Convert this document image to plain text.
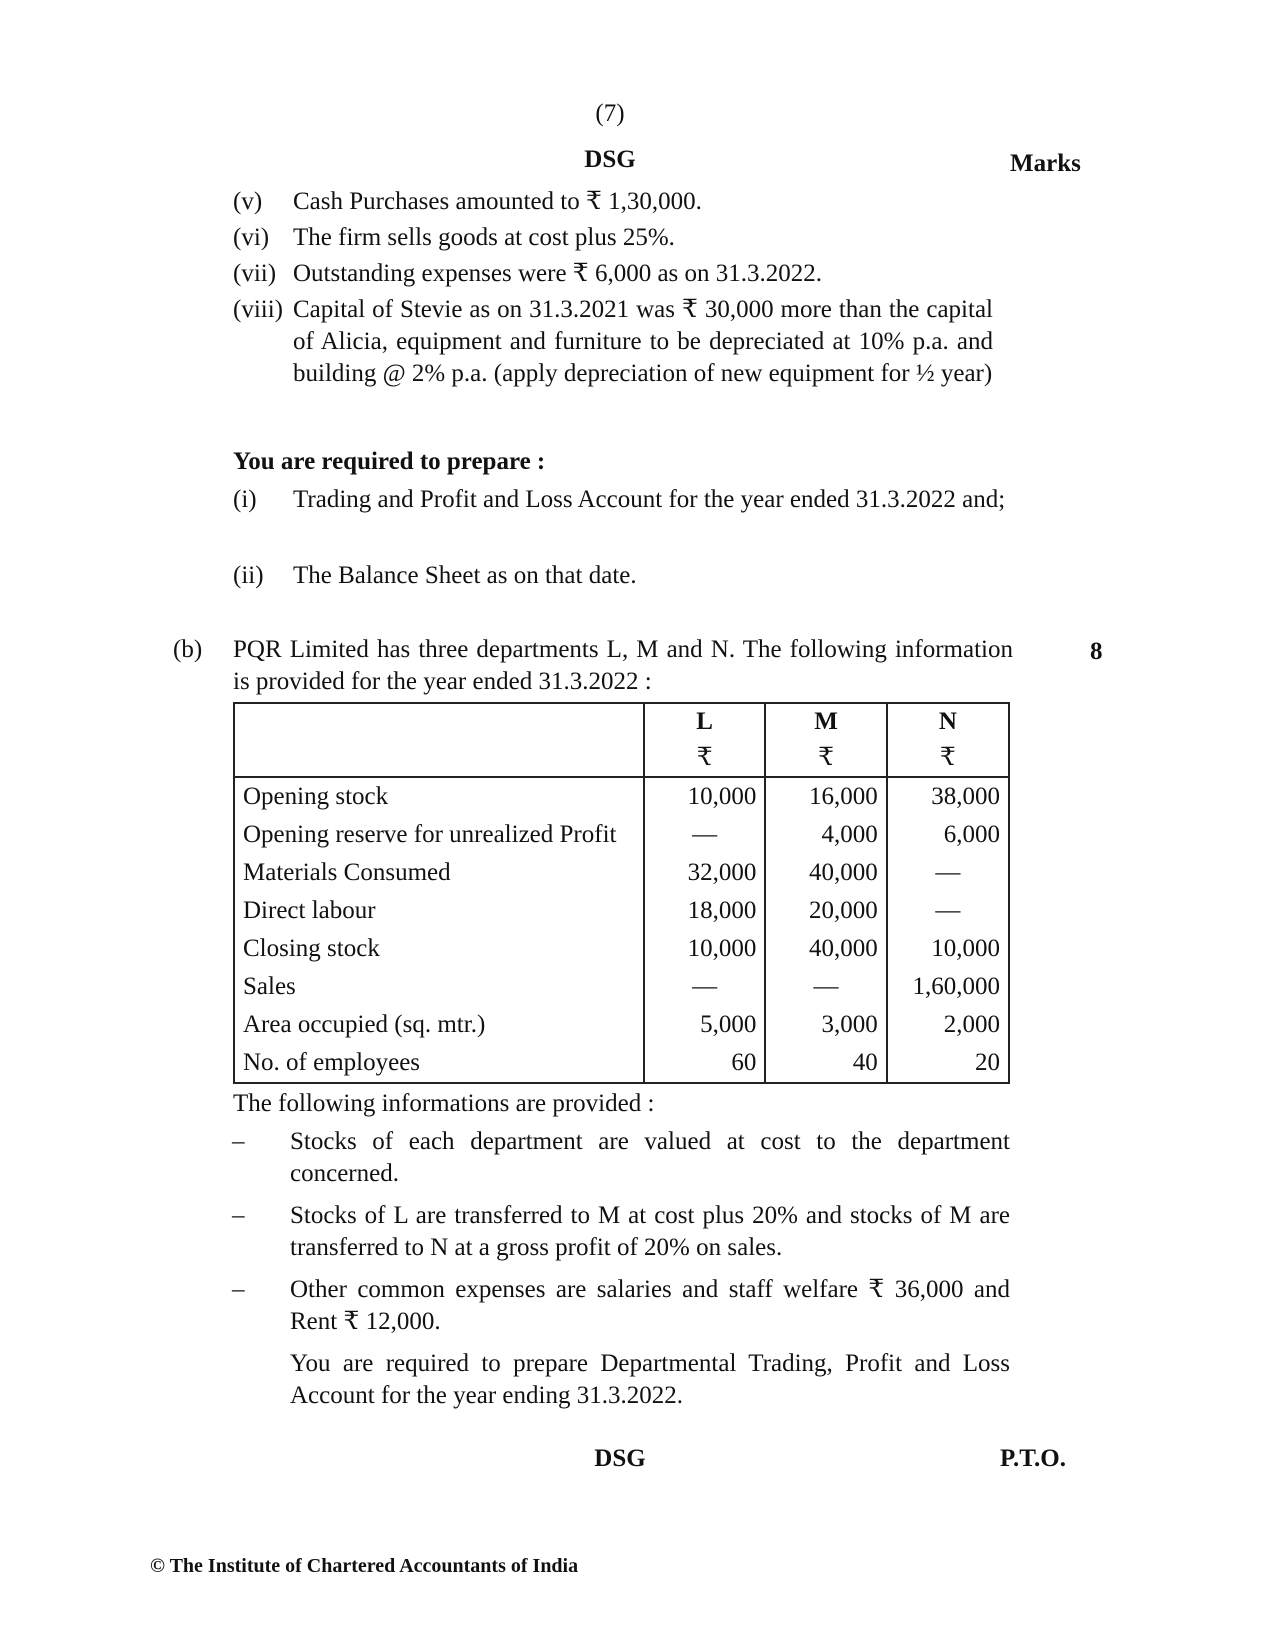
(7)
DSG	Marks
(v) Cash Purchases amounted to ₹ 1,30,000.
(vi) The firm sells goods at cost plus 25%.
(vii) Outstanding expenses were ₹ 6,000 as on 31.3.2022.
(viii) Capital of Stevie as on 31.3.2021 was ₹ 30,000 more than the capital of Alicia, equipment and furniture to be depreciated at 10% p.a. and building @ 2% p.a. (apply depreciation of new equipment for ½ year)
You are required to prepare :
(i) Trading and Profit and Loss Account for the year ended 31.3.2022 and;
(ii) The Balance Sheet as on that date.
(b) PQR Limited has three departments L, M and N. The following information is provided for the year ended 31.3.2022 :
8
	L	M	N
	₹	₹	₹
Opening stock	10,000	16,000	38,000
Opening reserve for unrealized Profit	—	4,000	6,000
Materials Consumed	32,000	40,000	—
Direct labour	18,000	20,000	—
Closing stock	10,000	40,000	10,000
Sales	—	—	1,60,000
Area occupied (sq. mtr.)	5,000	3,000	2,000
No. of employees	60	40	20
The following informations are provided :
– Stocks of each department are valued at cost to the department concerned.
– Stocks of L are transferred to M at cost plus 20% and stocks of M are transferred to N at a gross profit of 20% on sales.
– Other common expenses are salaries and staff welfare ₹ 36,000 and Rent ₹ 12,000.
You are required to prepare Departmental Trading, Profit and Loss Account for the year ending 31.3.2022.
DSG	P.T.O.
© The Institute of Chartered Accountants of India
